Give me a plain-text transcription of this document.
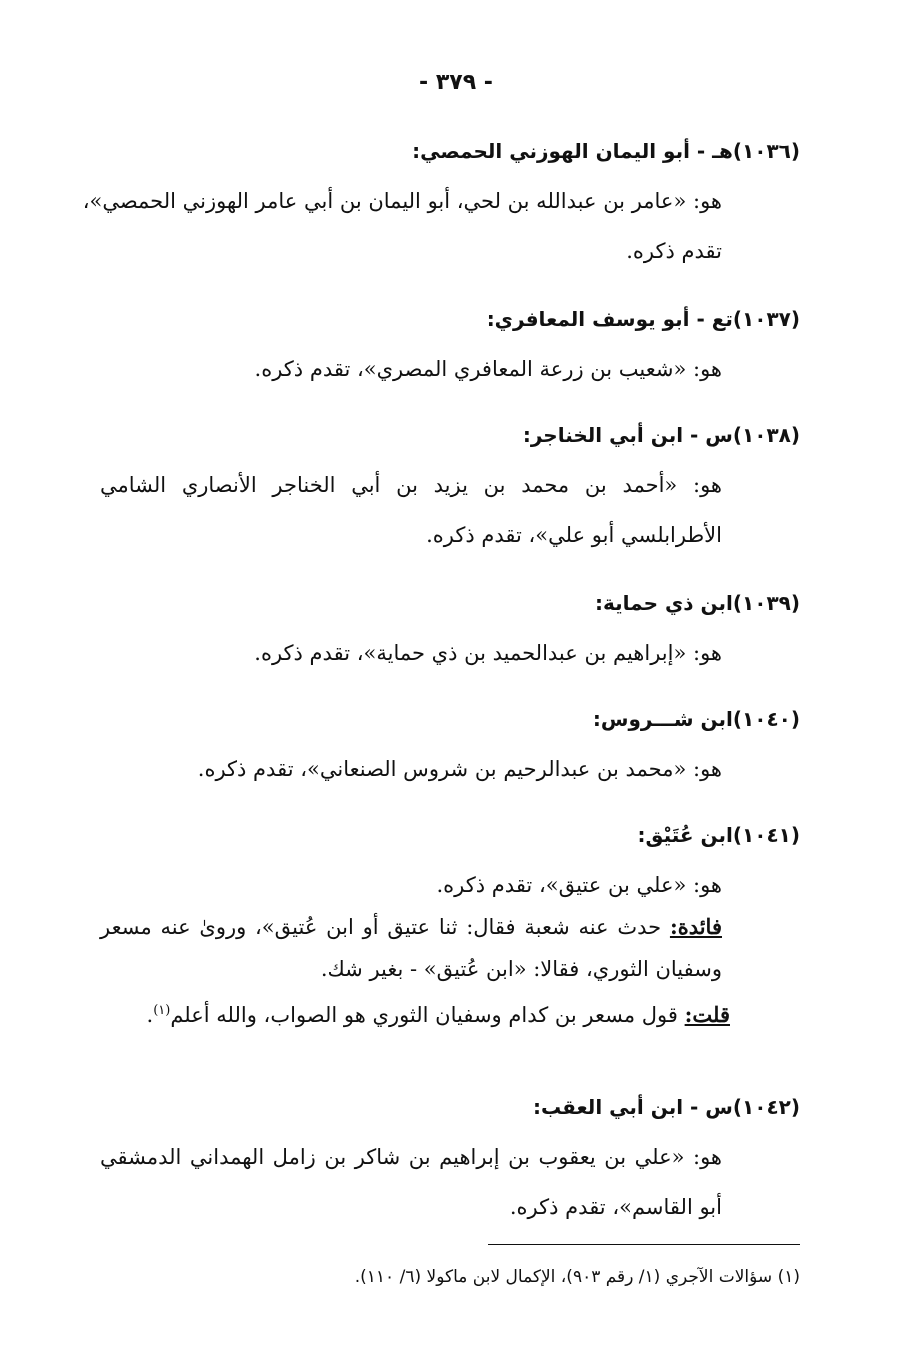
- ٣٧٩ -
(١٠٣٦)هـ - أبو اليمان الهوزني الحمصي:
هو: «عامر بن عبدالله بن لحي، أبو اليمان بن أبي عامر الهوزني الحمصي»،
تقدم ذكره.
(١٠٣٧)تع - أبو يوسف المعافري:
هو: «شعيب بن زرعة المعافري المصري»، تقدم ذكره.
(١٠٣٨)س - ابن أبي الخناجر:
هو: «أحمد بن محمد بن يزيد بن أبي الخناجر الأنصاري الشامي
الأطرابلسي أبو علي»، تقدم ذكره.
(١٠٣٩)ابن ذي حماية:
هو: «إبراهيم بن عبدالحميد بن ذي حماية»، تقدم ذكره.
(١٠٤٠)ابن شـــروس:
هو: «محمد بن عبدالرحيم بن شروس الصنعاني»، تقدم ذكره.
(١٠٤١)ابن عُتَيْق:
هو: «علي بن عتيق»، تقدم ذكره.
فائدة: حدث عنه شعبة فقال: ثنا عتيق أو ابن عُتيق»، وروىٰ عنه مسعر
وسفيان الثوري، فقالا: «ابن عُتيق» - بغير شك.
قلت: قول مسعر بن كدام وسفيان الثوري هو الصواب، والله أعلم$^{(١)}$.
(١٠٤٢)س - ابن أبي العقب:
هو: «علي بن يعقوب بن إبراهيم بن شاكر بن زامل الهمداني الدمشقي
أبو القاسم»، تقدم ذكره.
(١) سؤالات الآجري (١/ رقم ٩٠٣)، الإكمال لابن ماكولا (٦/ ١١٠).
